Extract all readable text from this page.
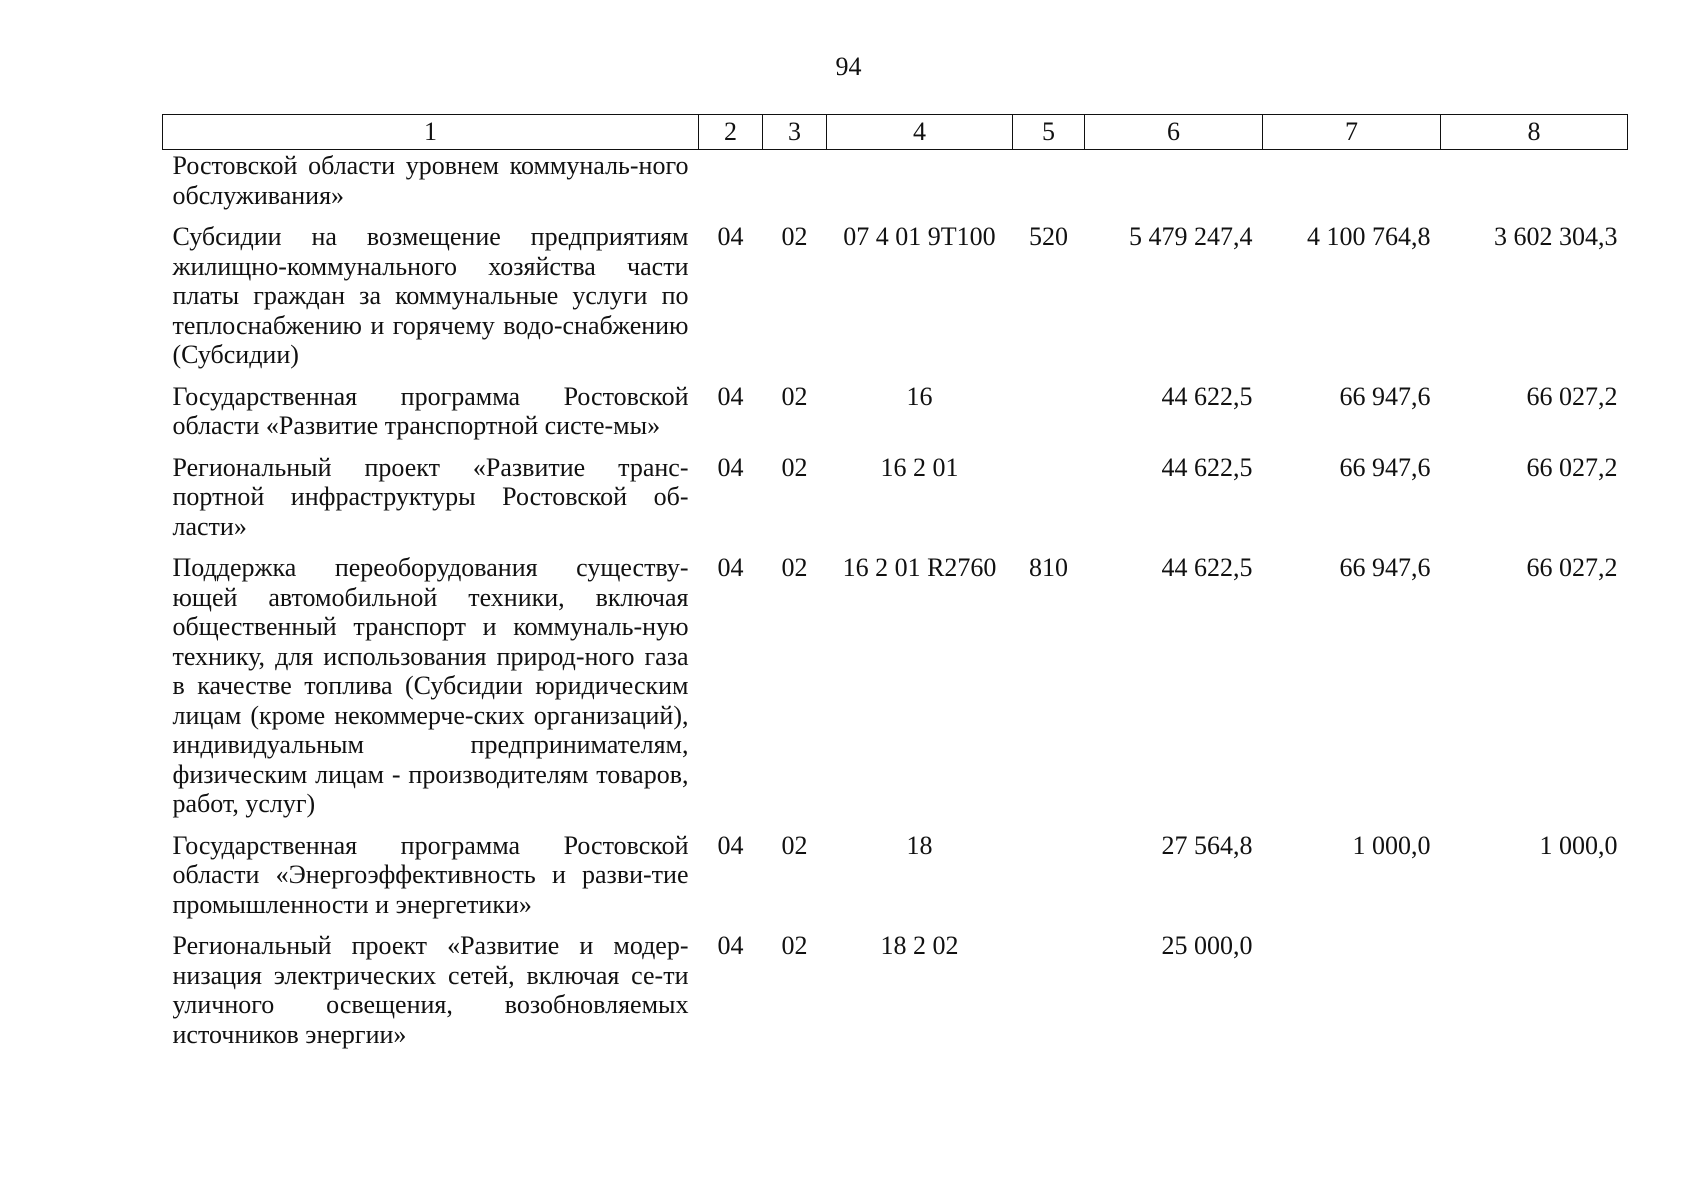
94
1	2	3	4	5	6	7	8
Ростовской области уровнем коммуналь-ного обслуживания»							
Субсидии на возмещение предприятиям жилищно-коммунального хозяйства части платы граждан за коммунальные услуги по теплоснабжению и горячему водо-снабжению (Субсидии)	04	02	07 4 01 9Т100	520	5 479 247,4	4 100 764,8	3 602 304,3
Государственная программа Ростовской области «Развитие транспортной систе-мы»	04	02	16		44 622,5	66 947,6	66 027,2
Региональный проект «Развитие транс-портной инфраструктуры Ростовской об-ласти»	04	02	16 2 01		44 622,5	66 947,6	66 027,2
Поддержка переоборудования существу-ющей автомобильной техники, включая общественный транспорт и коммуналь-ную технику, для использования природ-ного газа в качестве топлива (Субсидии юридическим лицам (кроме некоммерче-ских организаций), индивидуальным предпринимателям, физическим лицам - производителям товаров, работ, услуг)	04	02	16 2 01 R2760	810	44 622,5	66 947,6	66 027,2
Государственная программа Ростовской области «Энергоэффективность и разви-тие промышленности и энергетики»	04	02	18		27 564,8	1 000,0	1 000,0
Региональный проект «Развитие и модер-низация электрических сетей, включая се-ти уличного освещения, возобновляемых источников энергии»	04	02	18 2 02		25 000,0		
